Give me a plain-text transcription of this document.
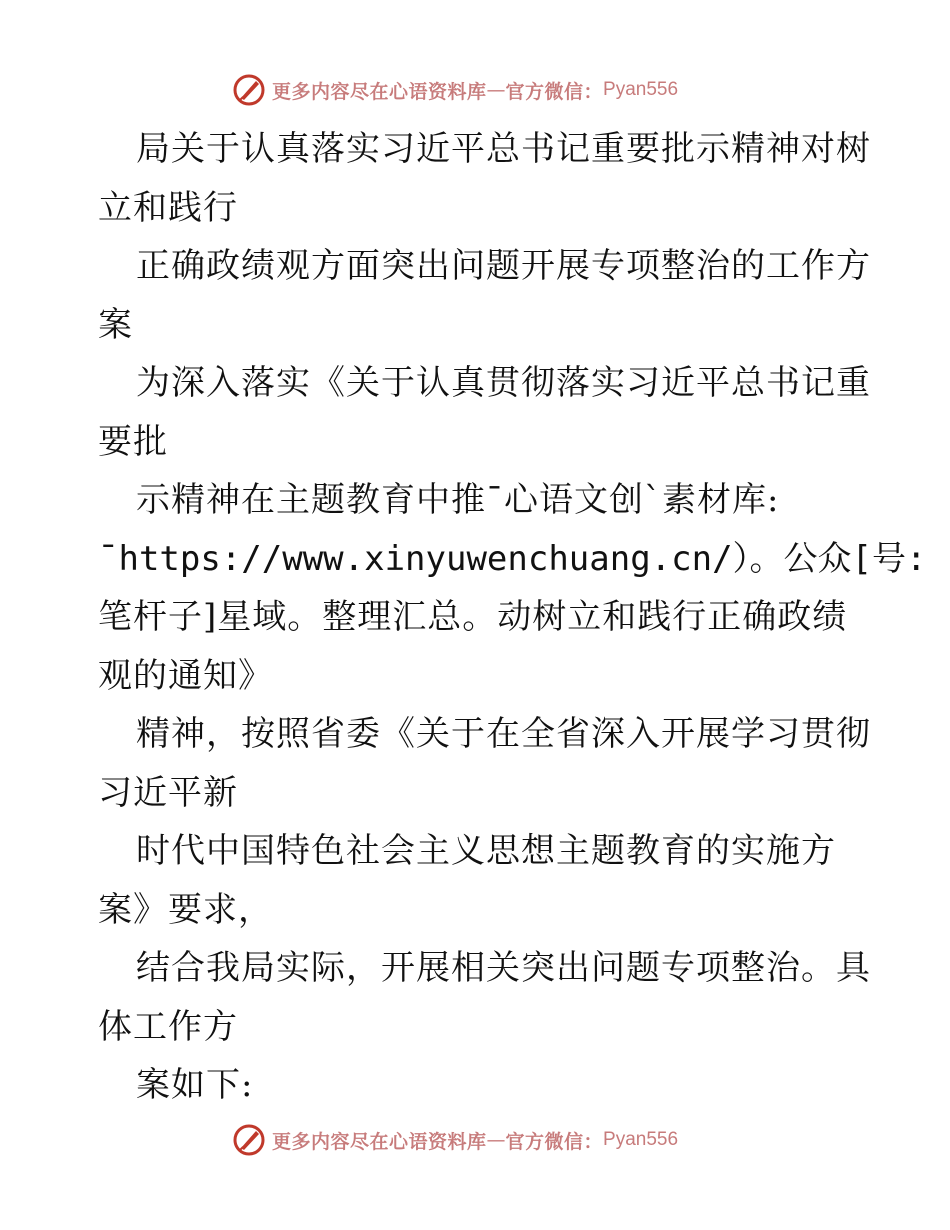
更多内容尽在心语资料库 — 官方微信： Pyan556
局关于认真落实习近平总书记重要批示精神对树
立和践行
正确政绩观方面突出问题开展专项整治的工作方
案
为深入落实《关于认真贯彻落实习近平总书记重
要批
示精神在主题教育中推¯心语文创`素材库:
¯https://www.xinyuwenchuang.cn/）。公众[号:
笔杆子]星域。整理汇总。动树立和践行正确政绩
观的通知》
精神，按照省委《关于在全省深入开展学习贯彻
习近平新
时代中国特色社会主义思想主题教育的实施方
案》要求，
结合我局实际，开展相关突出问题专项整治。具
体工作方
案如下:
更多内容尽在心语资料库 — 官方微信： Pyan556
